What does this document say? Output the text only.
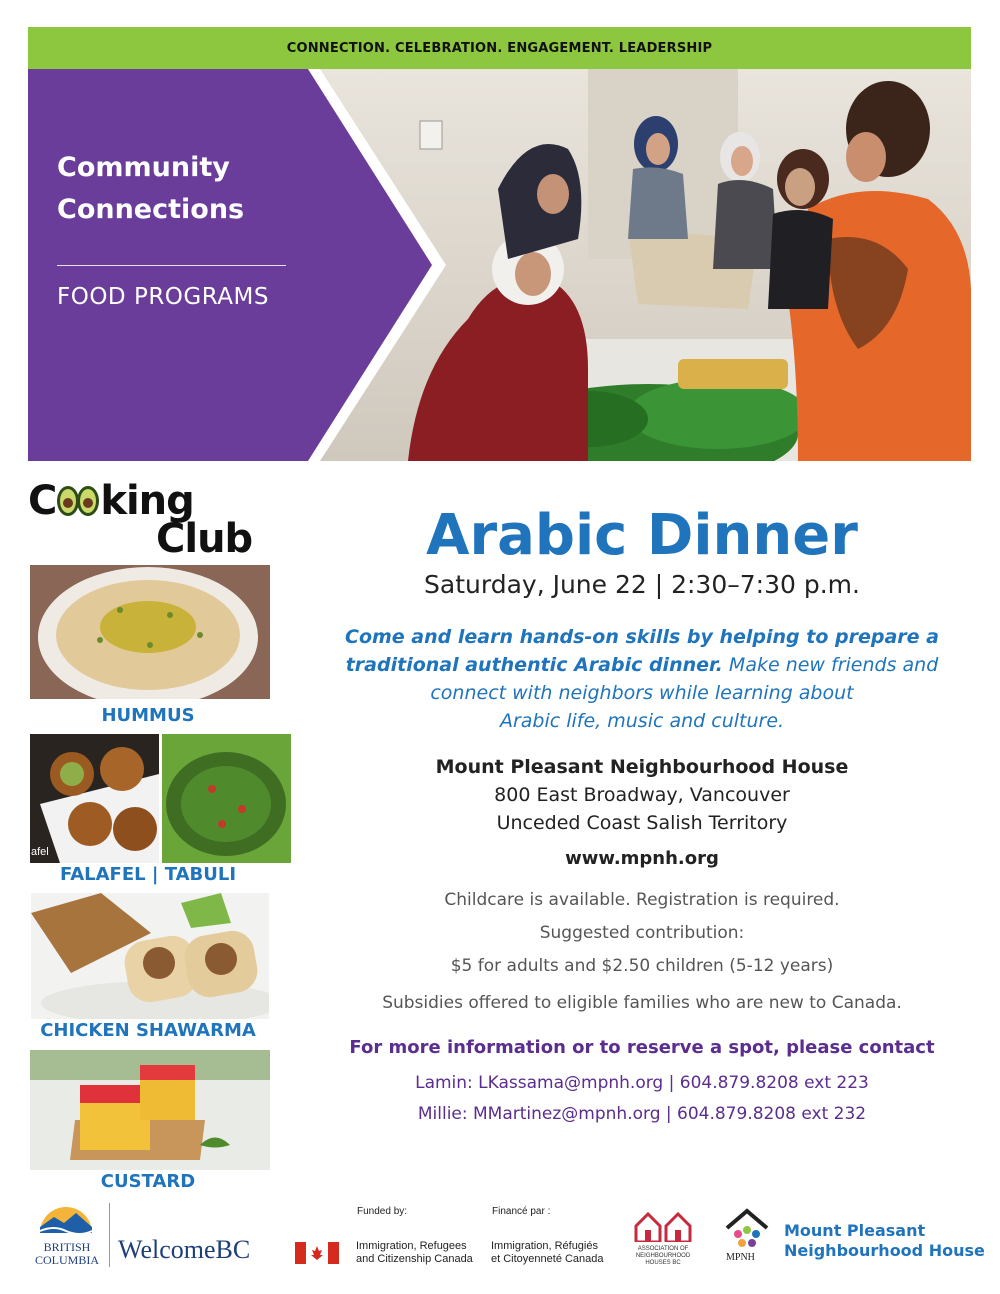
CONNECTION. CELEBRATION. ENGAGEMENT. LEADERSHIP
Community
Connections
FOOD PROGRAMS
C king
Club
HUMMUS
afel
FALAFEL | TABULI
CHICKEN SHAWARMA
CUSTARD
Arabic Dinner
Saturday, June 22 | 2:30–7:30 p.m.
Come and learn hands-on skills by helping to prepare a
traditional authentic Arabic dinner. Make new friends and
connect with neighbors while learning about
Arabic life, music and culture.
Mount Pleasant Neighbourhood House
800 East Broadway, Vancouver
Unceded Coast Salish Territory
www.mpnh.org
Childcare is available. Registration is required.
Suggested contribution:
$5 for adults and $2.50 children (5-12 years)
Subsidies offered to eligible families who are new to Canada.
For more information or to reserve a spot, please contact
Lamin: LKassama@mpnh.org | 604.879.8208 ext 223
Millie: MMartinez@mpnh.org | 604.879.8208 ext 232
BRITISH
COLUMBIA WelcomeBC
Funded by:	Financé par :
Immigration, Refugees
and Citizenship Canada
Immigration, Réfugiés
et Citoyenneté Canada
ASSOCIATION OF
NEIGHBOURHOOD
HOUSES BC	MPNH
Mount Pleasant
Neighbourhood House
